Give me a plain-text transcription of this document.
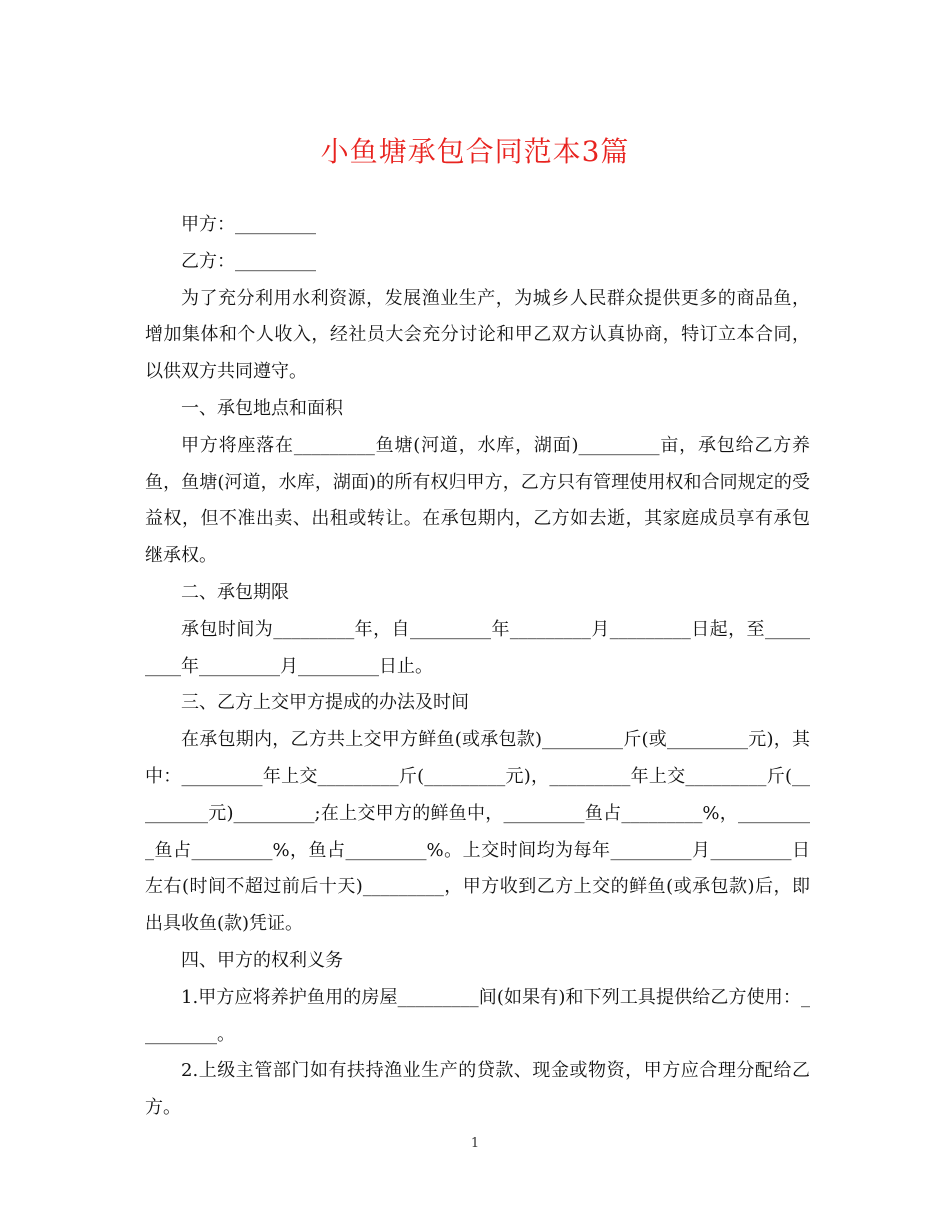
小鱼塘承包合同范本3篇

甲方：_________

乙方：_________

为了充分利用水利资源，发展渔业生产，为城乡人民群众提供更多的商品鱼，增加集体和个人收入，经社员大会充分讨论和甲乙双方认真协商，特订立本合同，以供双方共同遵守。

一、承包地点和面积

甲方将座落在_________鱼塘(河道，水库，湖面)_________亩，承包给乙方养鱼，鱼塘(河道，水库，湖面)的所有权归甲方，乙方只有管理使用权和合同规定的受益权，但不准出卖、出租或转让。在承包期内，乙方如去逝，其家庭成员享有承包继承权。

二、承包期限

承包时间为_________年，自_________年_________月_________日起，至_________年_________月_________日止。

三、乙方上交甲方提成的办法及时间

在承包期内，乙方共上交甲方鲜鱼(或承包款)_________斤(或_________元)，其中：_________年上交_________斤(_________元)，_________年上交_________斤(_________元)_________;在上交甲方的鲜鱼中，_________鱼占_________%，_________鱼占_________%，鱼占_________%。上交时间均为每年_________月_________日左右(时间不超过前后十天)_________，甲方收到乙方上交的鲜鱼(或承包款)后，即出具收鱼(款)凭证。

四、甲方的权利义务

1.甲方应将养护鱼用的房屋_________间(如果有)和下列工具提供给乙方使用：_________。

2.上级主管部门如有扶持渔业生产的贷款、现金或物资，甲方应合理分配给乙方。

1
